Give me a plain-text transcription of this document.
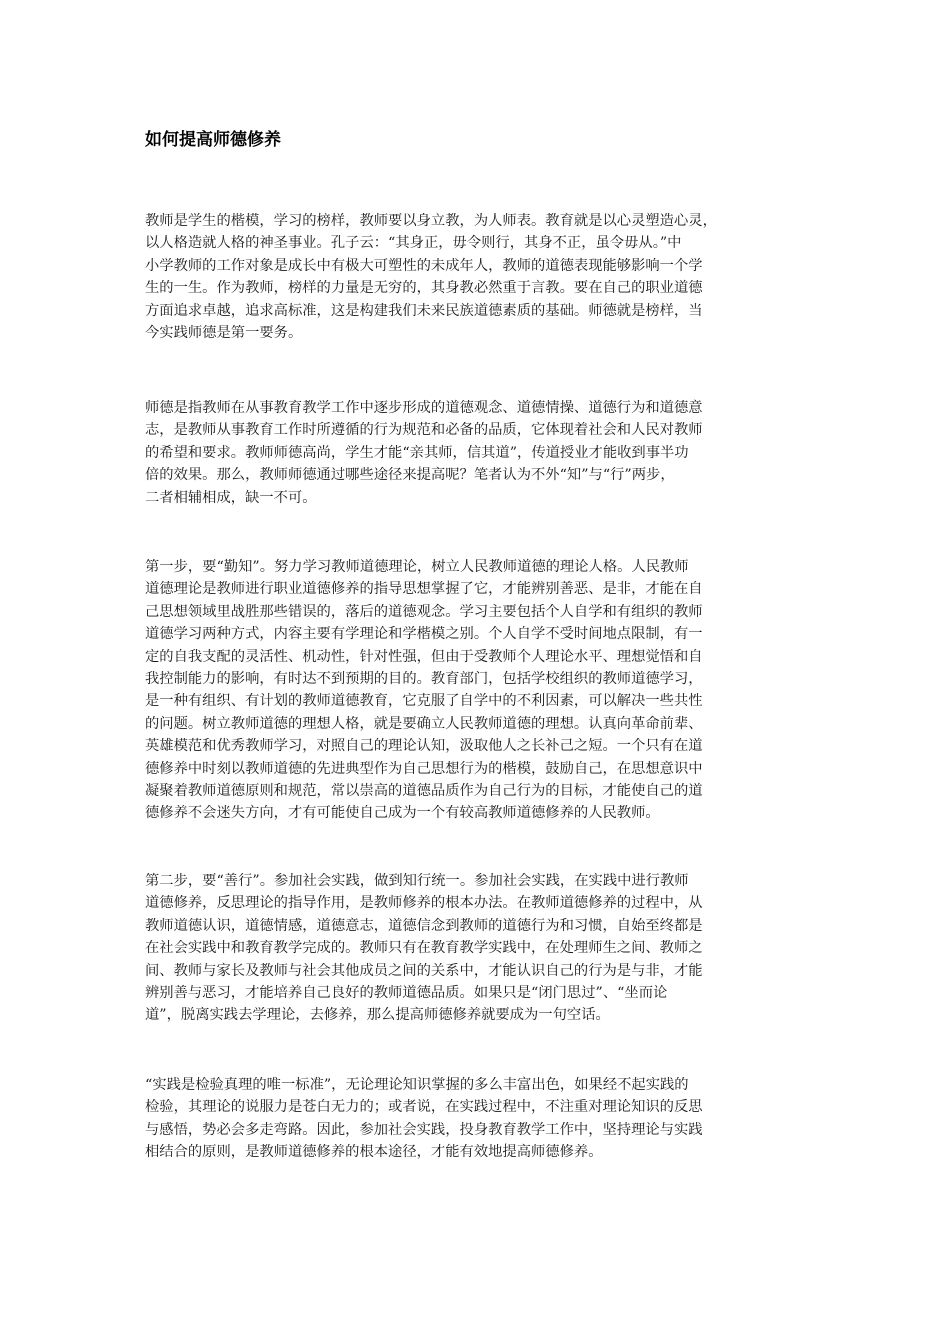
如何提高师德修养

教师是学生的楷模，学习的榜样，教师要以身立教，为人师表。教育就是以心灵塑造心灵，
以人格造就人格的神圣事业。孔子云：“其身正，毋令则行，其身不正，虽令毋从。”中
小学教师的工作对象是成长中有极大可塑性的未成年人，教师的道德表现能够影响一个学
生的一生。作为教师，榜样的力量是无穷的，其身教必然重于言教。要在自己的职业道德
方面追求卓越，追求高标准，这是构建我们未来民族道德素质的基础。师德就是榜样，当
今实践师德是第一要务。

师德是指教师在从事教育教学工作中逐步形成的道德观念、道德情操、道德行为和道德意
志，是教师从事教育工作时所遵循的行为规范和必备的品质，它体现着社会和人民对教师
的希望和要求。教师师德高尚，学生才能“亲其师，信其道”，传道授业才能收到事半功
倍的效果。那么，教师师德通过哪些途径来提高呢？笔者认为不外“知”与“行”两步，
二者相辅相成，缺一不可。

第一步，要“勤知”。努力学习教师道德理论，树立人民教师道德的理论人格。人民教师
道德理论是教师进行职业道德修养的指导思想掌握了它，才能辨别善恶、是非，才能在自
己思想领域里战胜那些错误的，落后的道德观念。学习主要包括个人自学和有组织的教师
道德学习两种方式，内容主要有学理论和学楷模之别。个人自学不受时间地点限制，有一
定的自我支配的灵活性、机动性，针对性强，但由于受教师个人理论水平、理想觉悟和自
我控制能力的影响，有时达不到预期的目的。教育部门，包括学校组织的教师道德学习，
是一种有组织、有计划的教师道德教育，它克服了自学中的不利因素，可以解决一些共性
的问题。树立教师道德的理想人格，就是要确立人民教师道德的理想。认真向革命前辈、
英雄模范和优秀教师学习，对照自己的理论认知，汲取他人之长补己之短。一个只有在道
德修养中时刻以教师道德的先进典型作为自己思想行为的楷模，鼓励自己，在思想意识中
凝聚着教师道德原则和规范，常以崇高的道德品质作为自己行为的目标，才能使自己的道
德修养不会迷失方向，才有可能使自己成为一个有较高教师道德修养的人民教师。

第二步，要“善行”。参加社会实践，做到知行统一。参加社会实践，在实践中进行教师
道德修养，反思理论的指导作用，是教师修养的根本办法。在教师道德修养的过程中，从
教师道德认识，道德情感，道德意志，道德信念到教师的道德行为和习惯，自始至终都是
在社会实践中和教育教学完成的。教师只有在教育教学实践中，在处理师生之间、教师之
间、教师与家长及教师与社会其他成员之间的关系中，才能认识自己的行为是与非，才能
辨别善与恶习，才能培养自己良好的教师道德品质。如果只是“闭门思过”、“坐而论
道”，脱离实践去学理论，去修养，那么提高师德修养就要成为一句空话。

“实践是检验真理的唯一标准”，无论理论知识掌握的多么丰富出色，如果经不起实践的
检验，其理论的说服力是苍白无力的；或者说，在实践过程中，不注重对理论知识的反思
与感悟，势必会多走弯路。因此，参加社会实践，投身教育教学工作中，坚持理论与实践
相结合的原则，是教师道德修养的根本途径，才能有效地提高师德修养。
